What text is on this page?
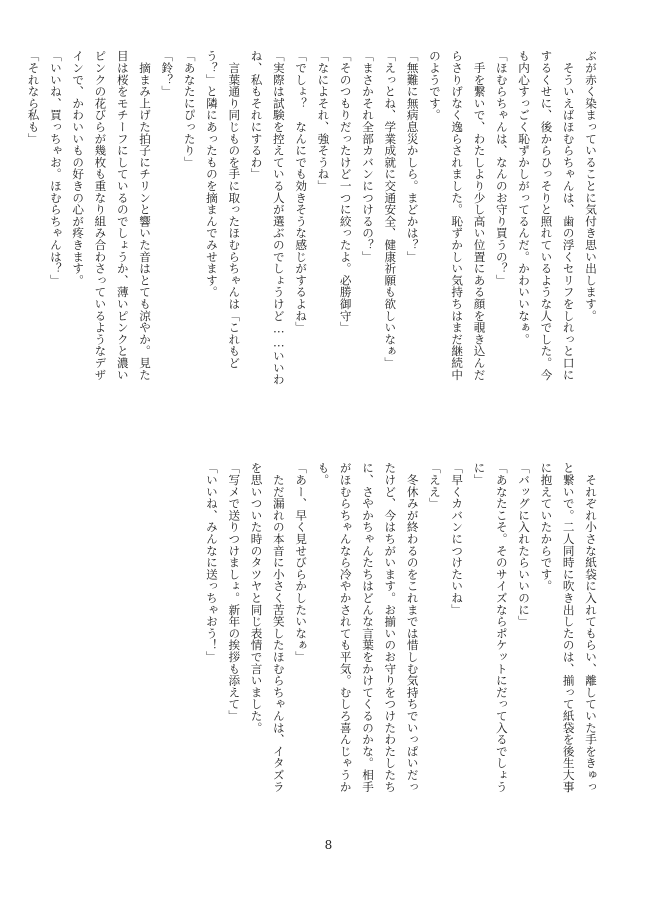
ぶが赤く染まっていることに気付き思い出します。
　そういえばほむらちゃんは、歯の浮くセリフをしれっと口に
するくせに、後からひっそりと照れているような人でした。今
も内心すっごく恥ずかしがってるんだ。かわいいなぁ。
「ほむらちゃんは、なんのお守り買うの？」
　手を繋いで、わたしより少し高い位置にある顔を覗き込んだ
らさりげなく逸らされました。恥ずかしい気持ちはまだ継続中
のようです。
「無難に無病息災かしら。まどかは？」
「えっとね、学業成就に交通安全、健康祈願も欲しいなぁ」
「まさかそれ全部カバンにつけるの？」
「そのつもりだったけど一つに絞ったよ。必勝御守」
「なによそれ、強そうね」
「でしょ？　なんにでも効きそうな感じがするよね」
「実際は試験を控えている人が選ぶのでしょうけど……いいわ
ね、私もそれにするわ」
　言葉通り同じものを手に取ったほむらちゃんは「これもど
う？」と隣にあったものを摘まんでみせます。
「あなたにぴったり」
「鈴？」
　摘まみ上げた拍子にチリンと響いた音はとても涼やか。見た
目は桜をモチーフにしているのでしょうか、薄いピンクと濃い
ピンクの花びらが幾枚も重なり組み合わさっているようなデザ
インで、かわいいもの好きの心が疼きます。
「いいね、買っちゃお。ほむらちゃんは？」
「それなら私も」
　それぞれ小さな紙袋に入れてもらい、離していた手をきゅっ
と繋いで。二人同時に吹き出したのは、揃って紙袋を後生大事
に抱えていたからです。
「バッグに入れたらいいのに」
「あなたこそ。そのサイズならポケットにだって入るでしょう
に」
「早くカバンにつけたいね」
「ええ」
　冬休みが終わるのをこれまでは惜しむ気持ちでいっぱいだっ
たけど、今はちがいます。お揃いのお守りをつけたわたしたち
に、さやかちゃんたちはどんな言葉をかけてくるのかな。相手
がほむらちゃんなら冷やかされても平気。むしろ喜んじゃうか
も。
「あー、早く見せびらかしたいなぁ」
　ただ漏れの本音に小さく苦笑したほむらちゃんは、イタズラ
を思いついた時のタツヤと同じ表情で言いました。
「写メで送りつけましょ。新年の挨拶も添えて」
「いいね、みんなに送っちゃおう！」
8
